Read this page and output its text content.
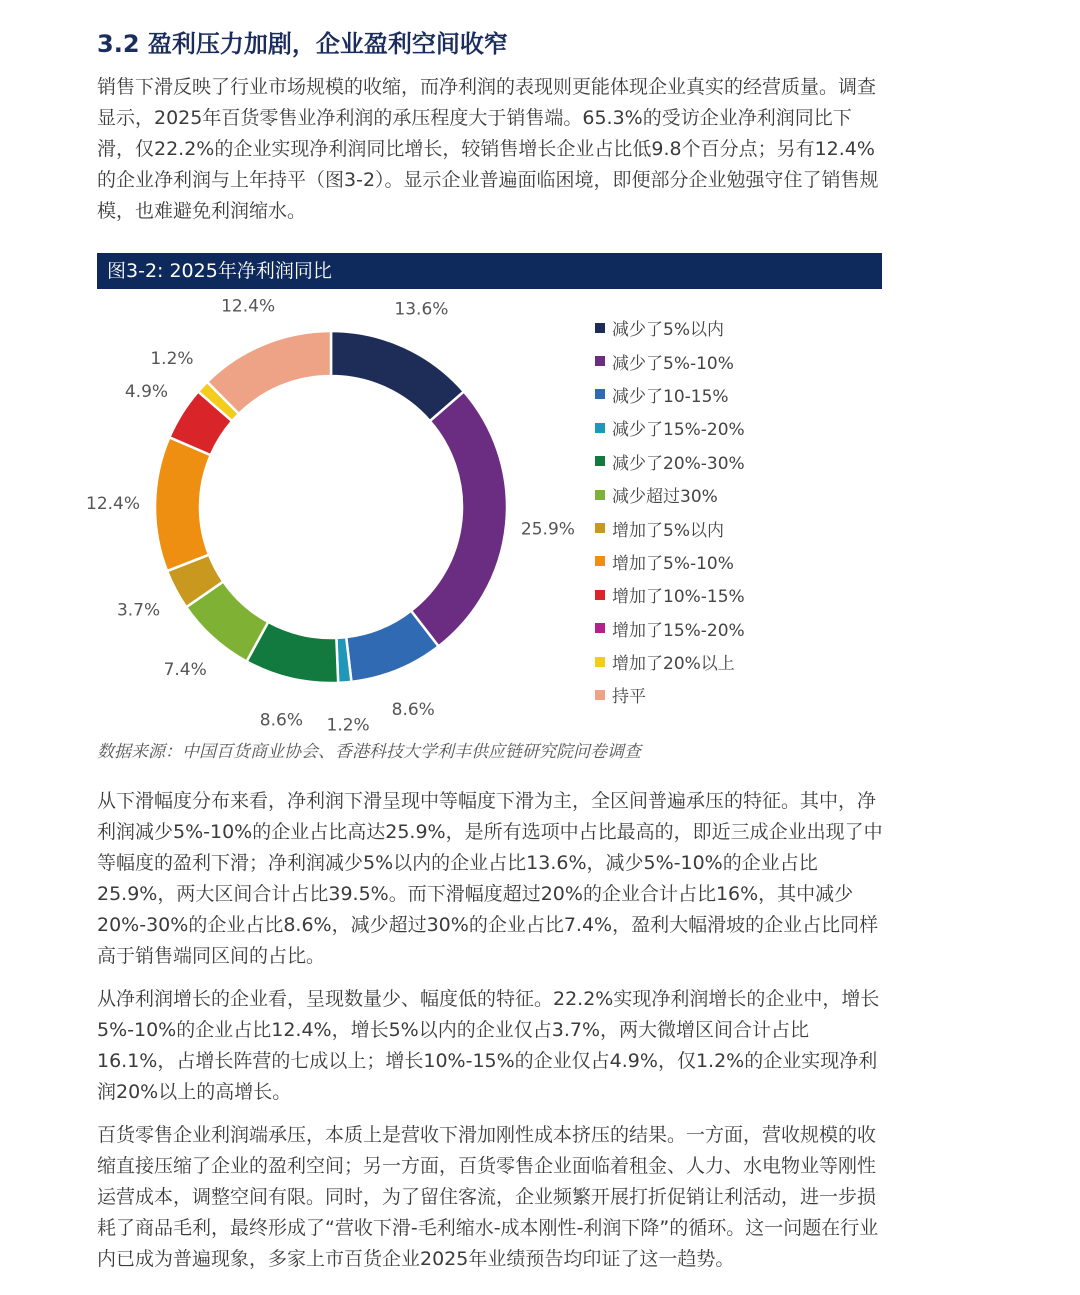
3.2 盈利压力加剧，企业盈利空间收窄

销售下滑反映了行业市场规模的收缩，而净利润的表现则更能体现企业真实的经营质量。调查显示，2025年百货零售业净利润的承压程度大于销售端。65.3%的受访企业净利润同比下滑，仅22.2%的企业实现净利润同比增长，较销售增长企业占比低9.8个百分点；另有12.4%的企业净利润与上年持平（图3-2）。显示企业普遍面临困境，即便部分企业勉强守住了销售规模，也难避免利润缩水。

图3-2: 2025年净利润同比
13.6%
25.9%
8.6%
1.2%
8.6%
7.4%
3.7%
12.4%
4.9%
1.2%
12.4%
减少了5%以内
减少了5%-10%
减少了10-15%
减少了15%-20%
减少了20%-30%
减少超过30%
增加了5%以内
增加了5%-10%
增加了10%-15%
增加了15%-20%
增加了20%以上
持平
数据来源：中国百货商业协会、香港科技大学利丰供应链研究院问卷调查

从下滑幅度分布来看，净利润下滑呈现中等幅度下滑为主，全区间普遍承压的特征。其中，净利润减少5%-10%的企业占比高达25.9%，是所有选项中占比最高的，即近三成企业出现了中等幅度的盈利下滑；净利润减少5%以内的企业占比13.6%，减少5%-10%的企业占比25.9%，两大区间合计占比39.5%。而下滑幅度超过20%的企业合计占比16%，其中减少20%-30%的企业占比8.6%，减少超过30%的企业占比7.4%，盈利大幅滑坡的企业占比同样高于销售端同区间的占比。

从净利润增长的企业看，呈现数量少、幅度低的特征。22.2%实现净利润增长的企业中，增长5%-10%的企业占比12.4%，增长5%以内的企业仅占3.7%，两大微增区间合计占比16.1%，占增长阵营的七成以上；增长10%-15%的企业仅占4.9%，仅1.2%的企业实现净利润20%以上的高增长。

百货零售企业利润端承压，本质上是营收下滑加刚性成本挤压的结果。一方面，营收规模的收缩直接压缩了企业的盈利空间；另一方面，百货零售企业面临着租金、人力、水电物业等刚性运营成本，调整空间有限。同时，为了留住客流，企业频繁开展打折促销让利活动，进一步损耗了商品毛利，最终形成了“营收下滑-毛利缩水-成本刚性-利润下降”的循环。这一问题在行业内已成为普遍现象，多家上市百货企业2025年业绩预告均印证了这一趋势。
